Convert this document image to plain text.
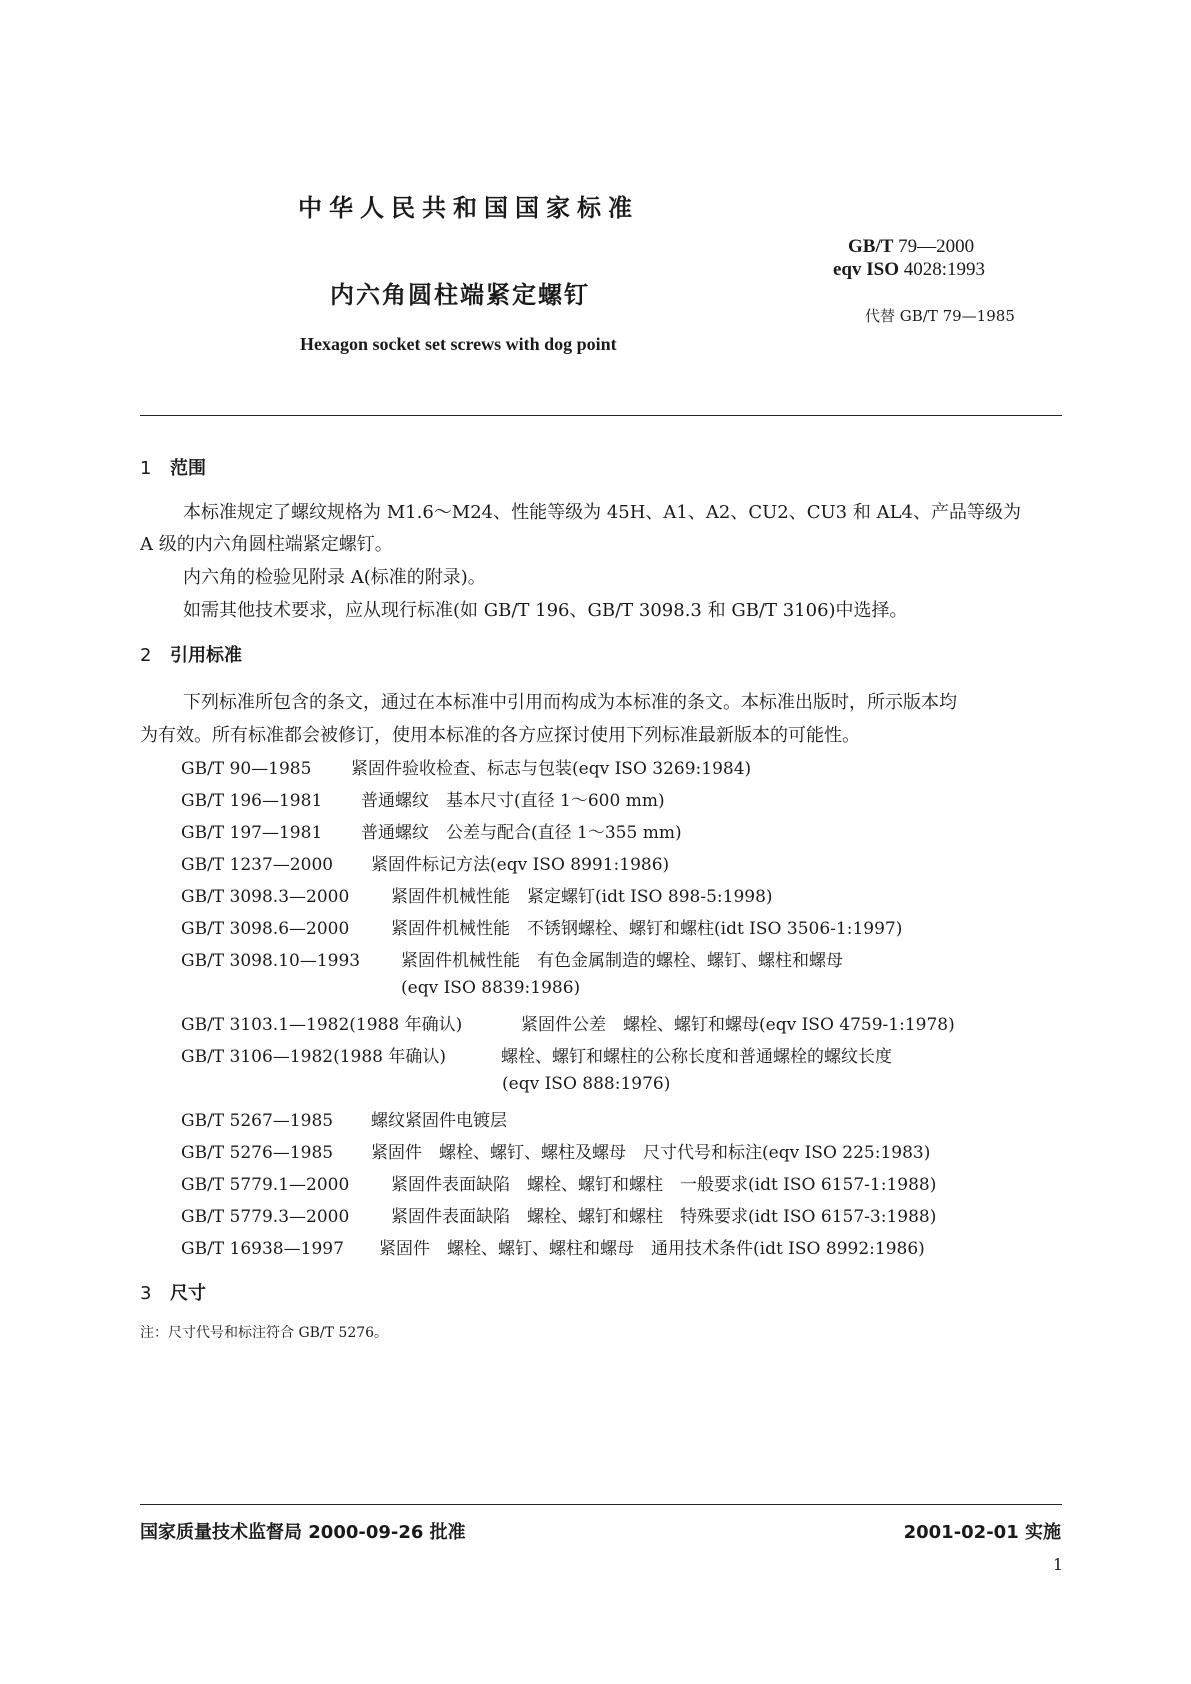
中华人民共和国国家标准
内六角圆柱端紧定螺钉
Hexagon socket set screws with dog point
GB/T 79—2000
eqv ISO 4028:1993
代替 GB/T 79—1985
1 范围
本标准规定了螺纹规格为 M1.6～M24、性能等级为 45H、A1、A2、CU2、CU3 和 AL4、产品等级为
A 级的内六角圆柱端紧定螺钉。
内六角的检验见附录 A(标准的附录)。
如需其他技术要求，应从现行标准(如 GB/T 196、GB/T 3098.3 和 GB/T 3106)中选择。
2 引用标准
下列标准所包含的条文，通过在本标准中引用而构成为本标准的条文。本标准出版时，所示版本均
为有效。所有标准都会被修订，使用本标准的各方应探讨使用下列标准最新版本的可能性。
GB/T 90—1985 紧固件验收检查、标志与包装(eqv ISO 3269:1984)
GB/T 196—1981 普通螺纹　基本尺寸(直径 1～600 mm)
GB/T 197—1981 普通螺纹　公差与配合(直径 1～355 mm)
GB/T 1237—2000 紧固件标记方法(eqv ISO 8991:1986)
GB/T 3098.3—2000 紧固件机械性能　紧定螺钉(idt ISO 898-5:1998)
GB/T 3098.6—2000 紧固件机械性能　不锈钢螺栓、螺钉和螺柱(idt ISO 3506-1:1997)
GB/T 3098.10—1993 紧固件机械性能　有色金属制造的螺栓、螺钉、螺柱和螺母
(eqv ISO 8839:1986)
GB/T 3103.1—1982(1988 年确认)	紧固件公差　螺栓、螺钉和螺母(eqv ISO 4759-1:1978)
GB/T 3106—1982(1988 年确认)	螺栓、螺钉和螺柱的公称长度和普通螺栓的螺纹长度
(eqv ISO 888:1976)
GB/T 5267—1985 螺纹紧固件电镀层
GB/T 5276—1985 紧固件　螺栓、螺钉、螺柱及螺母　尺寸代号和标注(eqv ISO 225:1983)
GB/T 5779.1—2000 紧固件表面缺陷　螺栓、螺钉和螺柱　一般要求(idt ISO 6157-1:1988)
GB/T 5779.3—2000 紧固件表面缺陷　螺栓、螺钉和螺柱　特殊要求(idt ISO 6157-3:1988)
GB/T 16938—1997 紧固件　螺栓、螺钉、螺柱和螺母　通用技术条件(idt ISO 8992:1986)
3 尺寸
注：尺寸代号和标注符合 GB/T 5276。
国家质量技术监督局 2000-09-26 批准	2001-02-01 实施
1
